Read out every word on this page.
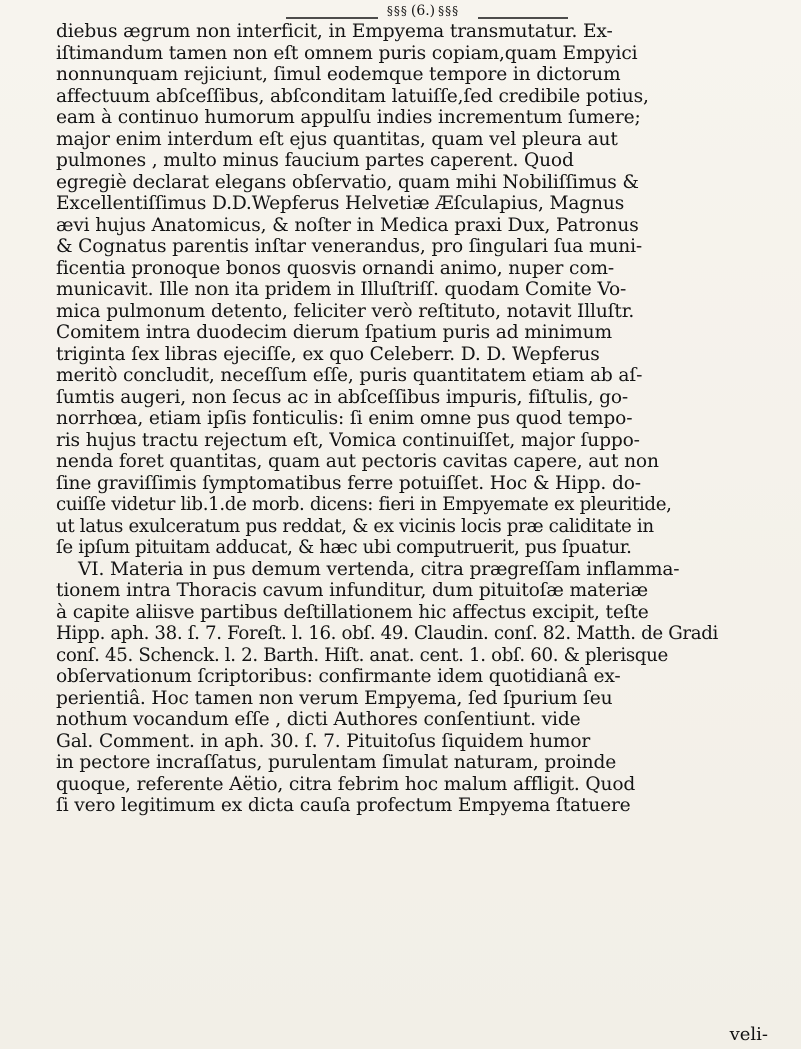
§§§ (6.) §§§
diebus ægrum non interficit, in Empyema transmutatur. Ex-
iſtimandum tamen non eſt omnem puris copiam,quam Empyici
nonnunquam rejiciunt, ſimul eodemque tempore in dictorum
affectuum abſceſſibus, abſconditam latuiſſe,ſed credibile potius,
eam à continuo humorum appulſu indies incrementum ſumere;
major enim interdum eſt ejus quantitas, quam vel pleura aut
pulmones , multo minus faucium partes caperent. Quod
egregiè declarat elegans obſervatio, quam mihi Nobiliſſimus &
Excellentiſſimus D.D.Wepferus Helvetiæ Æſculapius, Magnus
ævi hujus Anatomicus, & noſter in Medica praxi Dux, Patronus
& Cognatus parentis inſtar venerandus, pro ſingulari ſua muni-
ficentia pronoque bonos quosvis ornandi animo, nuper com-
municavit. Ille non ita pridem in Illuſtriſſ. quodam Comite Vo-
mica pulmonum detento, feliciter verò reſtituto, notavit Illuſtr.
Comitem intra duodecim dierum ſpatium puris ad minimum
triginta ſex libras ejeciſſe, ex quo Celeberr. D. D. Wepferus
meritò concludit, neceſſum eſſe, puris quantitatem etiam ab aſ-
ſumtis augeri, non ſecus ac in abſceſſibus impuris, fiſtulis, go-
norrhœa, etiam ipſis fonticulis: ſi enim omne pus quod tempo-
ris hujus tractu rejectum eſt, Vomica continuiſſet, major ſuppo-
nenda foret quantitas, quam aut pectoris cavitas capere, aut non
ſine graviſſimis ſymptomatibus ferre potuiſſet. Hoc & Hipp. do-
cuiſſe videtur lib.1.de morb. dicens: fieri in Empyemate ex pleuritide,
ut latus exulceratum pus reddat, & ex vicinis locis præ caliditate in
ſe ipſum pituitam adducat, & hæc ubi computruerit, pus ſpuatur.
VI. Materia in pus demum vertenda, citra prægreſſam inflamma-
tionem intra Thoracis cavum infunditur, dum pituitoſæ materiæ
à capite aliisve partibus deſtillationem hic affectus excipit, teſte
Hipp. aph. 38. ſ. 7. Foreſt. l. 16. obſ. 49. Claudin. conſ. 82. Matth. de Gradi
conſ. 45. Schenck. l. 2. Barth. Hiſt. anat. cent. 1. obſ. 60. & plerisque
obſervationum ſcriptoribus: confirmante idem quotidianâ ex-
perientiâ. Hoc tamen non verum Empyema, ſed ſpurium ſeu
nothum vocandum eſſe , dicti Authores conſentiunt. vide
Gal. Comment. in aph. 30. ſ. 7. Pituitoſus ſiquidem humor
in pectore incraſſatus, purulentam ſimulat naturam, proinde
quoque, referente Aëtio, citra febrim hoc malum affligit. Quod
ſi vero legitimum ex dicta cauſa profectum Empyema ſtatuere
veli-
